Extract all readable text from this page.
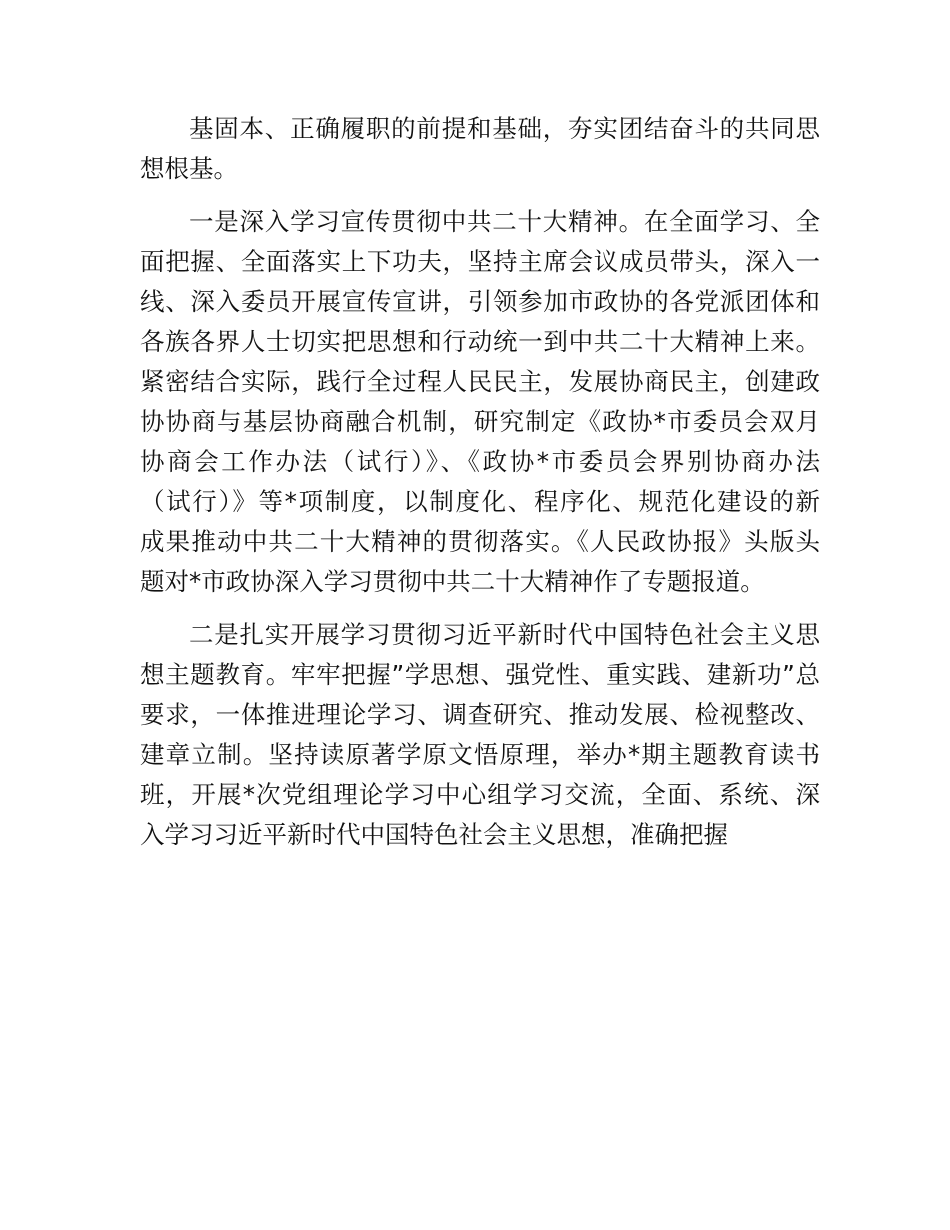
基固本、正确履职的前提和基础，夯实团结奋斗的共同思
想根基。
一是深入学习宣传贯彻中共二十大精神。在全面学习、全
面把握、全面落实上下功夫，坚持主席会议成员带头，深入一
线、深入委员开展宣传宣讲，引领参加市政协的各党派团体和
各族各界人士切实把思想和行动统一到中共二十大精神上来。
紧密结合实际，践行全过程人民民主，发展协商民主，创建政
协协商与基层协商融合机制，研究制定《政协*市委员会双月
协商会工作办法（试行）》、《政协*市委员会界别协商办法
（试行）》等*项制度，以制度化、程序化、规范化建设的新
成果推动中共二十大精神的贯彻落实。《人民政协报》头版头
题对*市政协深入学习贯彻中共二十大精神作了专题报道。
二是扎实开展学习贯彻习近平新时代中国特色社会主义思
想主题教育。牢牢把握”学思想、强党性、重实践、建新功”总
要求，一体推进理论学习、调查研究、推动发展、检视整改、
建章立制。坚持读原著学原文悟原理，举办*期主题教育读书
班，开展*次党组理论学习中心组学习交流，全面、系统、深
入学习习近平新时代中国特色社会主义思想，准确把握
